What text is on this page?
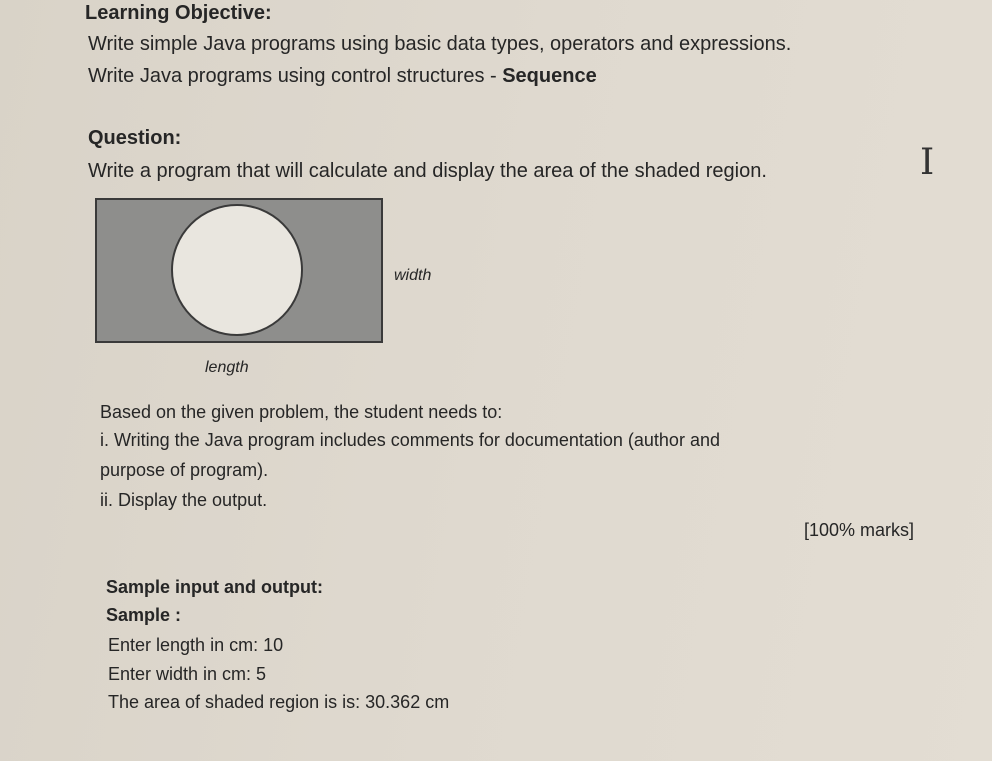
Learning Objective:
Write simple Java programs using basic data types, operators and expressions.
Write Java programs using control structures - Sequence
Question:
Write a program that will calculate and display the area of the shaded region.	I
width
length
Based on the given problem, the student needs to:
i. Writing the Java program includes comments for documentation (author and
purpose of program).
ii. Display the output.
[100% marks]
Sample input and output:
Sample :
Enter length in cm: 10
Enter width in cm: 5
The area of shaded region is is: 30.362 cm
